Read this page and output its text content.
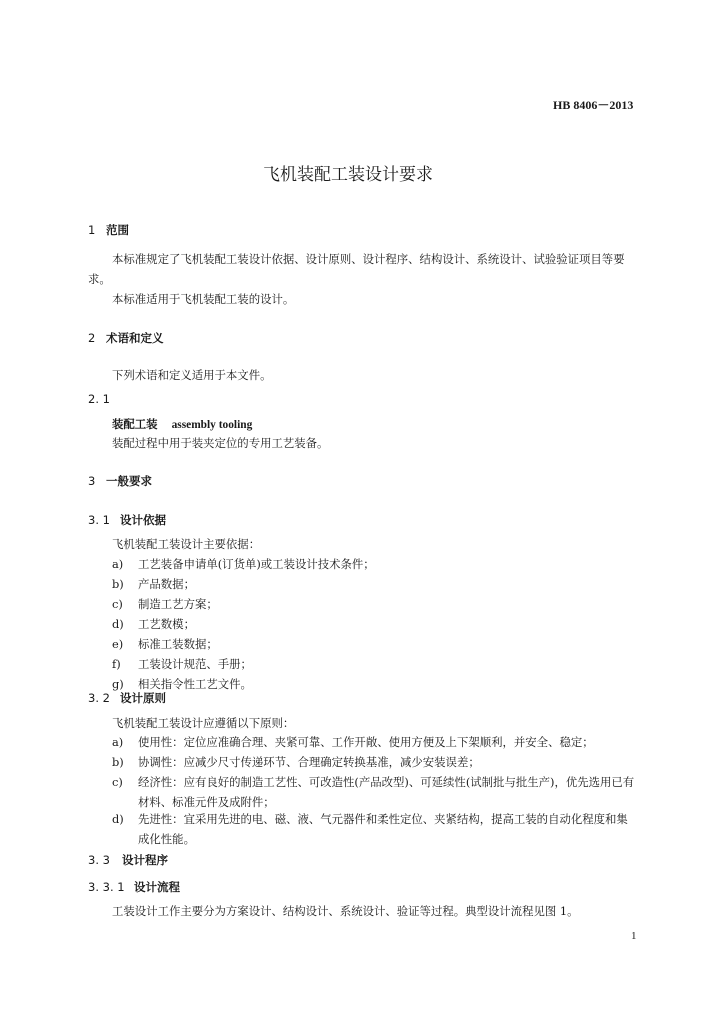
HB 8406－2013
飞机装配工装设计要求
1 范围
本标准规定了飞机装配工装设计依据、设计原则、设计程序、结构设计、系统设计、试验验证项目等要求。
本标准适用于飞机装配工装的设计。
2 术语和定义
下列术语和定义适用于本文件。
2. 1
装配工装 assembly tooling
装配过程中用于装夹定位的专用工艺装备。
3 一般要求
3. 1 设计依据
飞机装配工装设计主要依据：
a) 工艺装备申请单(订货单)或工装设计技术条件；
b) 产品数据；
c) 制造工艺方案；
d) 工艺数模；
e) 标准工装数据；
f) 工装设计规范、手册；
g) 相关指令性工艺文件。
3. 2 设计原则
飞机装配工装设计应遵循以下原则：
a) 使用性：定位应准确合理、夹紧可靠、工作开敞、使用方便及上下架顺利，并安全、稳定；
b) 协调性：应减少尺寸传递环节、合理确定转换基准，减少安装误差；
c) 经济性：应有良好的制造工艺性、可改造性(产品改型)、可延续性(试制批与批生产)，优先选用已有材料、标准元件及成附件；
d) 先进性：宜采用先进的电、磁、液、气元器件和柔性定位、夹紧结构，提高工装的自动化程度和集成化性能。
3. 3 设计程序
3. 3. 1 设计流程
工装设计工作主要分为方案设计、结构设计、系统设计、验证等过程。典型设计流程见图 1。
1
